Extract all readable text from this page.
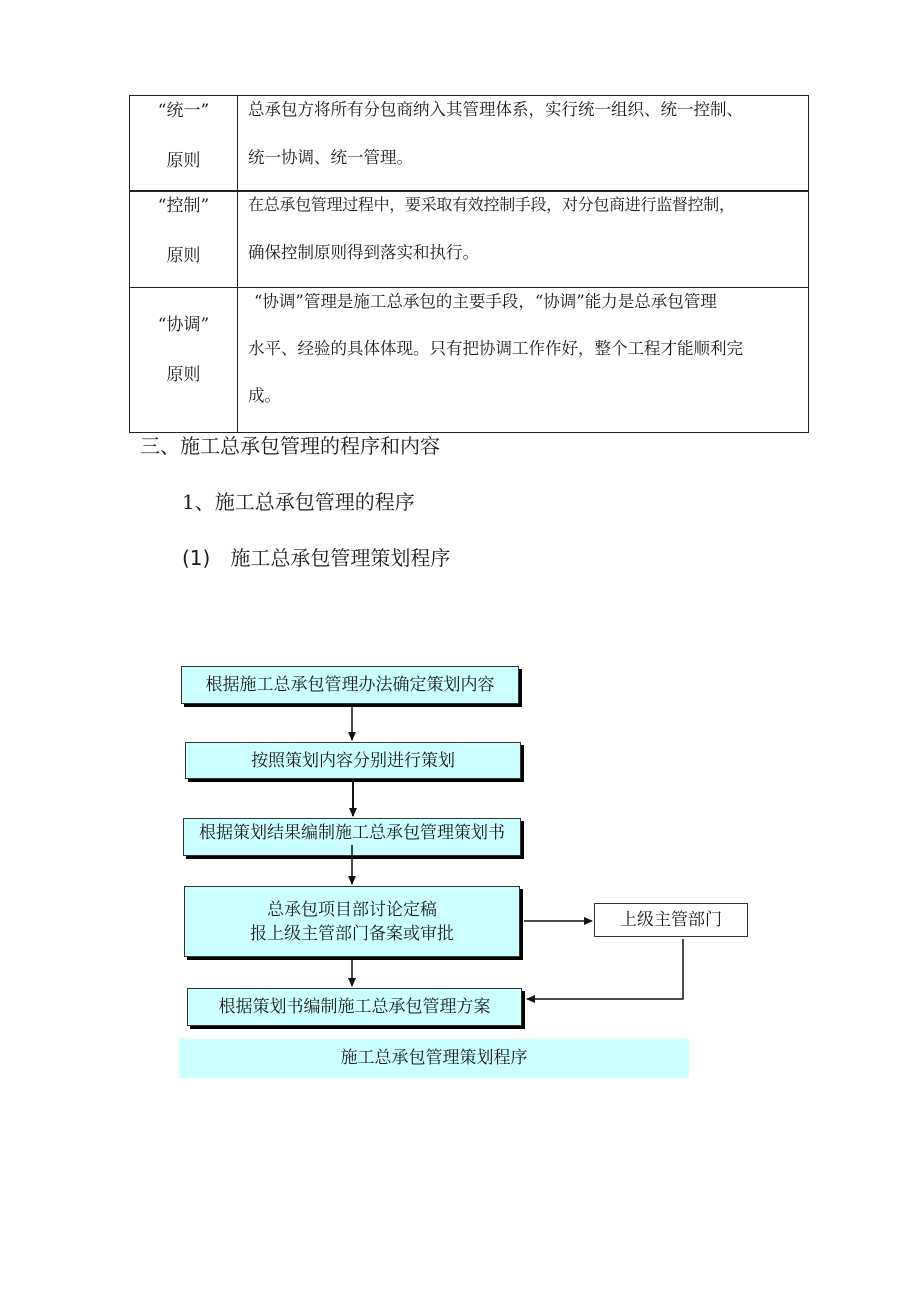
“统一”
原则
总承包方将所有分包商纳入其管理体系，实行统一组织、统一控制、
统一协调、统一管理。
“控制”
原则
在总承包管理过程中，要采取有效控制手段，对分包商进行监督控制，
确保控制原则得到落实和执行。
“协调”
原则
“协调”管理是施工总承包的主要手段，“协调”能力是总承包管理
水平、经验的具体体现。只有把协调工作作好，整个工程才能顺利完
成。
三、施工总承包管理的程序和内容
1、施工总承包管理的程序
(1)　施工总承包管理策划程序
根据施工总承包管理办法确定策划内容
按照策划内容分别进行策划
根据策划结果编制施工总承包管理策划书
总承包项目部讨论定稿
报上级主管部门备案或审批
上级主管部门
根据策划书编制施工总承包管理方案
施工总承包管理策划程序
